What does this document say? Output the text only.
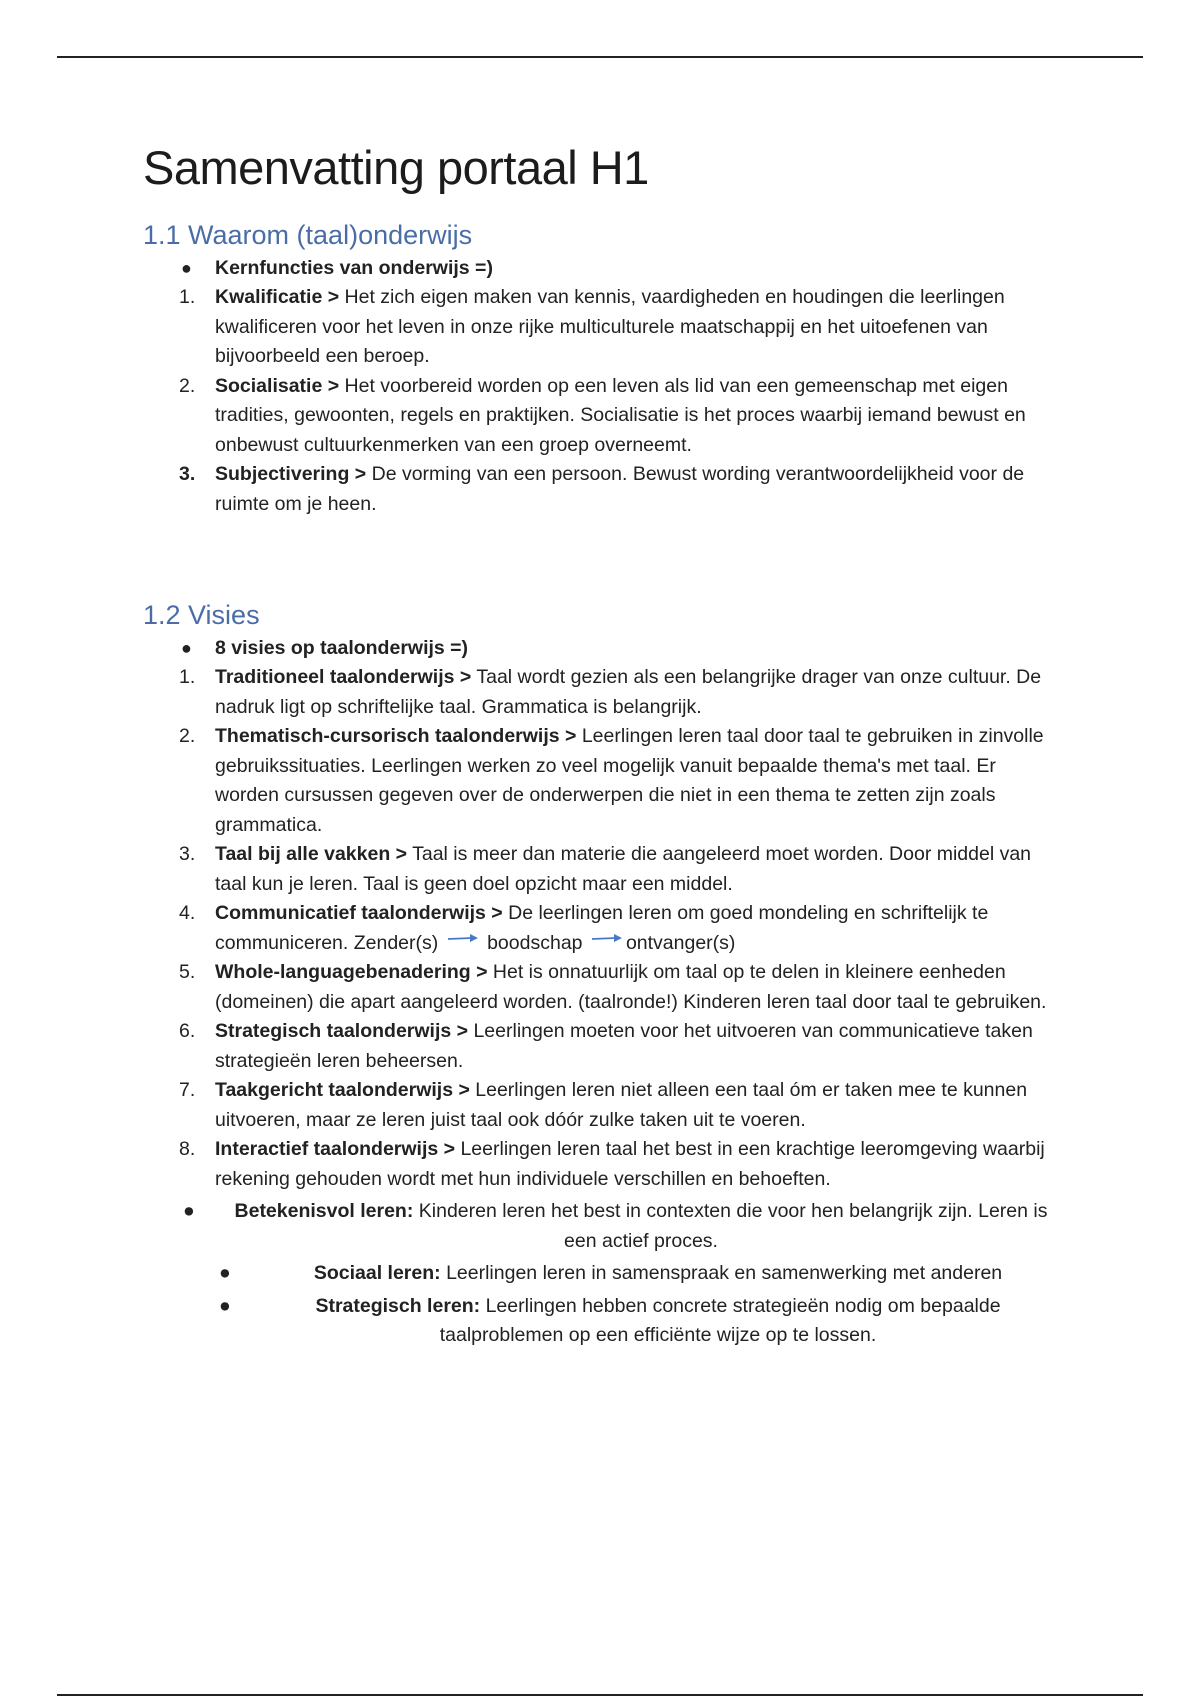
Samenvatting portaal H1
1.1 Waarom (taal)onderwijs
●	Kernfuncties van onderwijs =)
1.	Kwalificatie > Het zich eigen maken van kennis, vaardigheden en houdingen die leerlingen kwalificeren voor het leven in onze rijke multiculturele maatschappij en het uitoefenen van bijvoorbeeld een beroep.
2.	Socialisatie > Het voorbereid worden op een leven als lid van een gemeenschap met eigen tradities, gewoonten, regels en praktijken. Socialisatie is het proces waarbij iemand bewust en onbewust cultuurkenmerken van een groep overneemt.
3.	Subjectivering > De vorming van een persoon. Bewust wording verantwoordelijkheid voor de ruimte om je heen.
1.2 Visies
●	8 visies op taalonderwijs =)
1.	Traditioneel taalonderwijs > Taal wordt gezien als een belangrijke drager van onze cultuur. De nadruk ligt op schriftelijke taal. Grammatica is belangrijk.
2.	Thematisch-cursorisch taalonderwijs > Leerlingen leren taal door taal te gebruiken in zinvolle gebruikssituaties. Leerlingen werken zo veel mogelijk vanuit bepaalde thema's met taal. Er worden cursussen gegeven over de onderwerpen die niet in een thema te zetten zijn zoals grammatica.
3.	Taal bij alle vakken > Taal is meer dan materie die aangeleerd moet worden. Door middel van taal kun je leren. Taal is geen doel opzicht maar een middel.
4.	Communicatief taalonderwijs > De leerlingen leren om goed mondeling en schriftelijk te communiceren. Zender(s)  boodschap ontvanger(s)
5.	Whole-languagebenadering > Het is onnatuurlijk om taal op te delen in kleinere eenheden (domeinen) die apart aangeleerd worden. (taalronde!) Kinderen leren taal door taal te gebruiken.
6.	Strategisch taalonderwijs > Leerlingen moeten voor het uitvoeren van communicatieve taken strategieën leren beheersen.
7.	Taakgericht taalonderwijs > Leerlingen leren niet alleen een taal óm er taken mee te kunnen uitvoeren, maar ze leren juist taal ook dóór zulke taken uit te voeren.
8.	Interactief taalonderwijs > Leerlingen leren taal het best in een krachtige leeromgeving waarbij rekening gehouden wordt met hun individuele verschillen en behoeften.
●	Betekenisvol leren: Kinderen leren het best in contexten die voor hen belangrijk zijn. Leren is een actief proces.
●	Sociaal leren: Leerlingen leren in samenspraak en samenwerking met anderen
●	Strategisch leren: Leerlingen hebben concrete strategieën nodig om bepaalde taalproblemen op een efficiënte wijze op te lossen.
